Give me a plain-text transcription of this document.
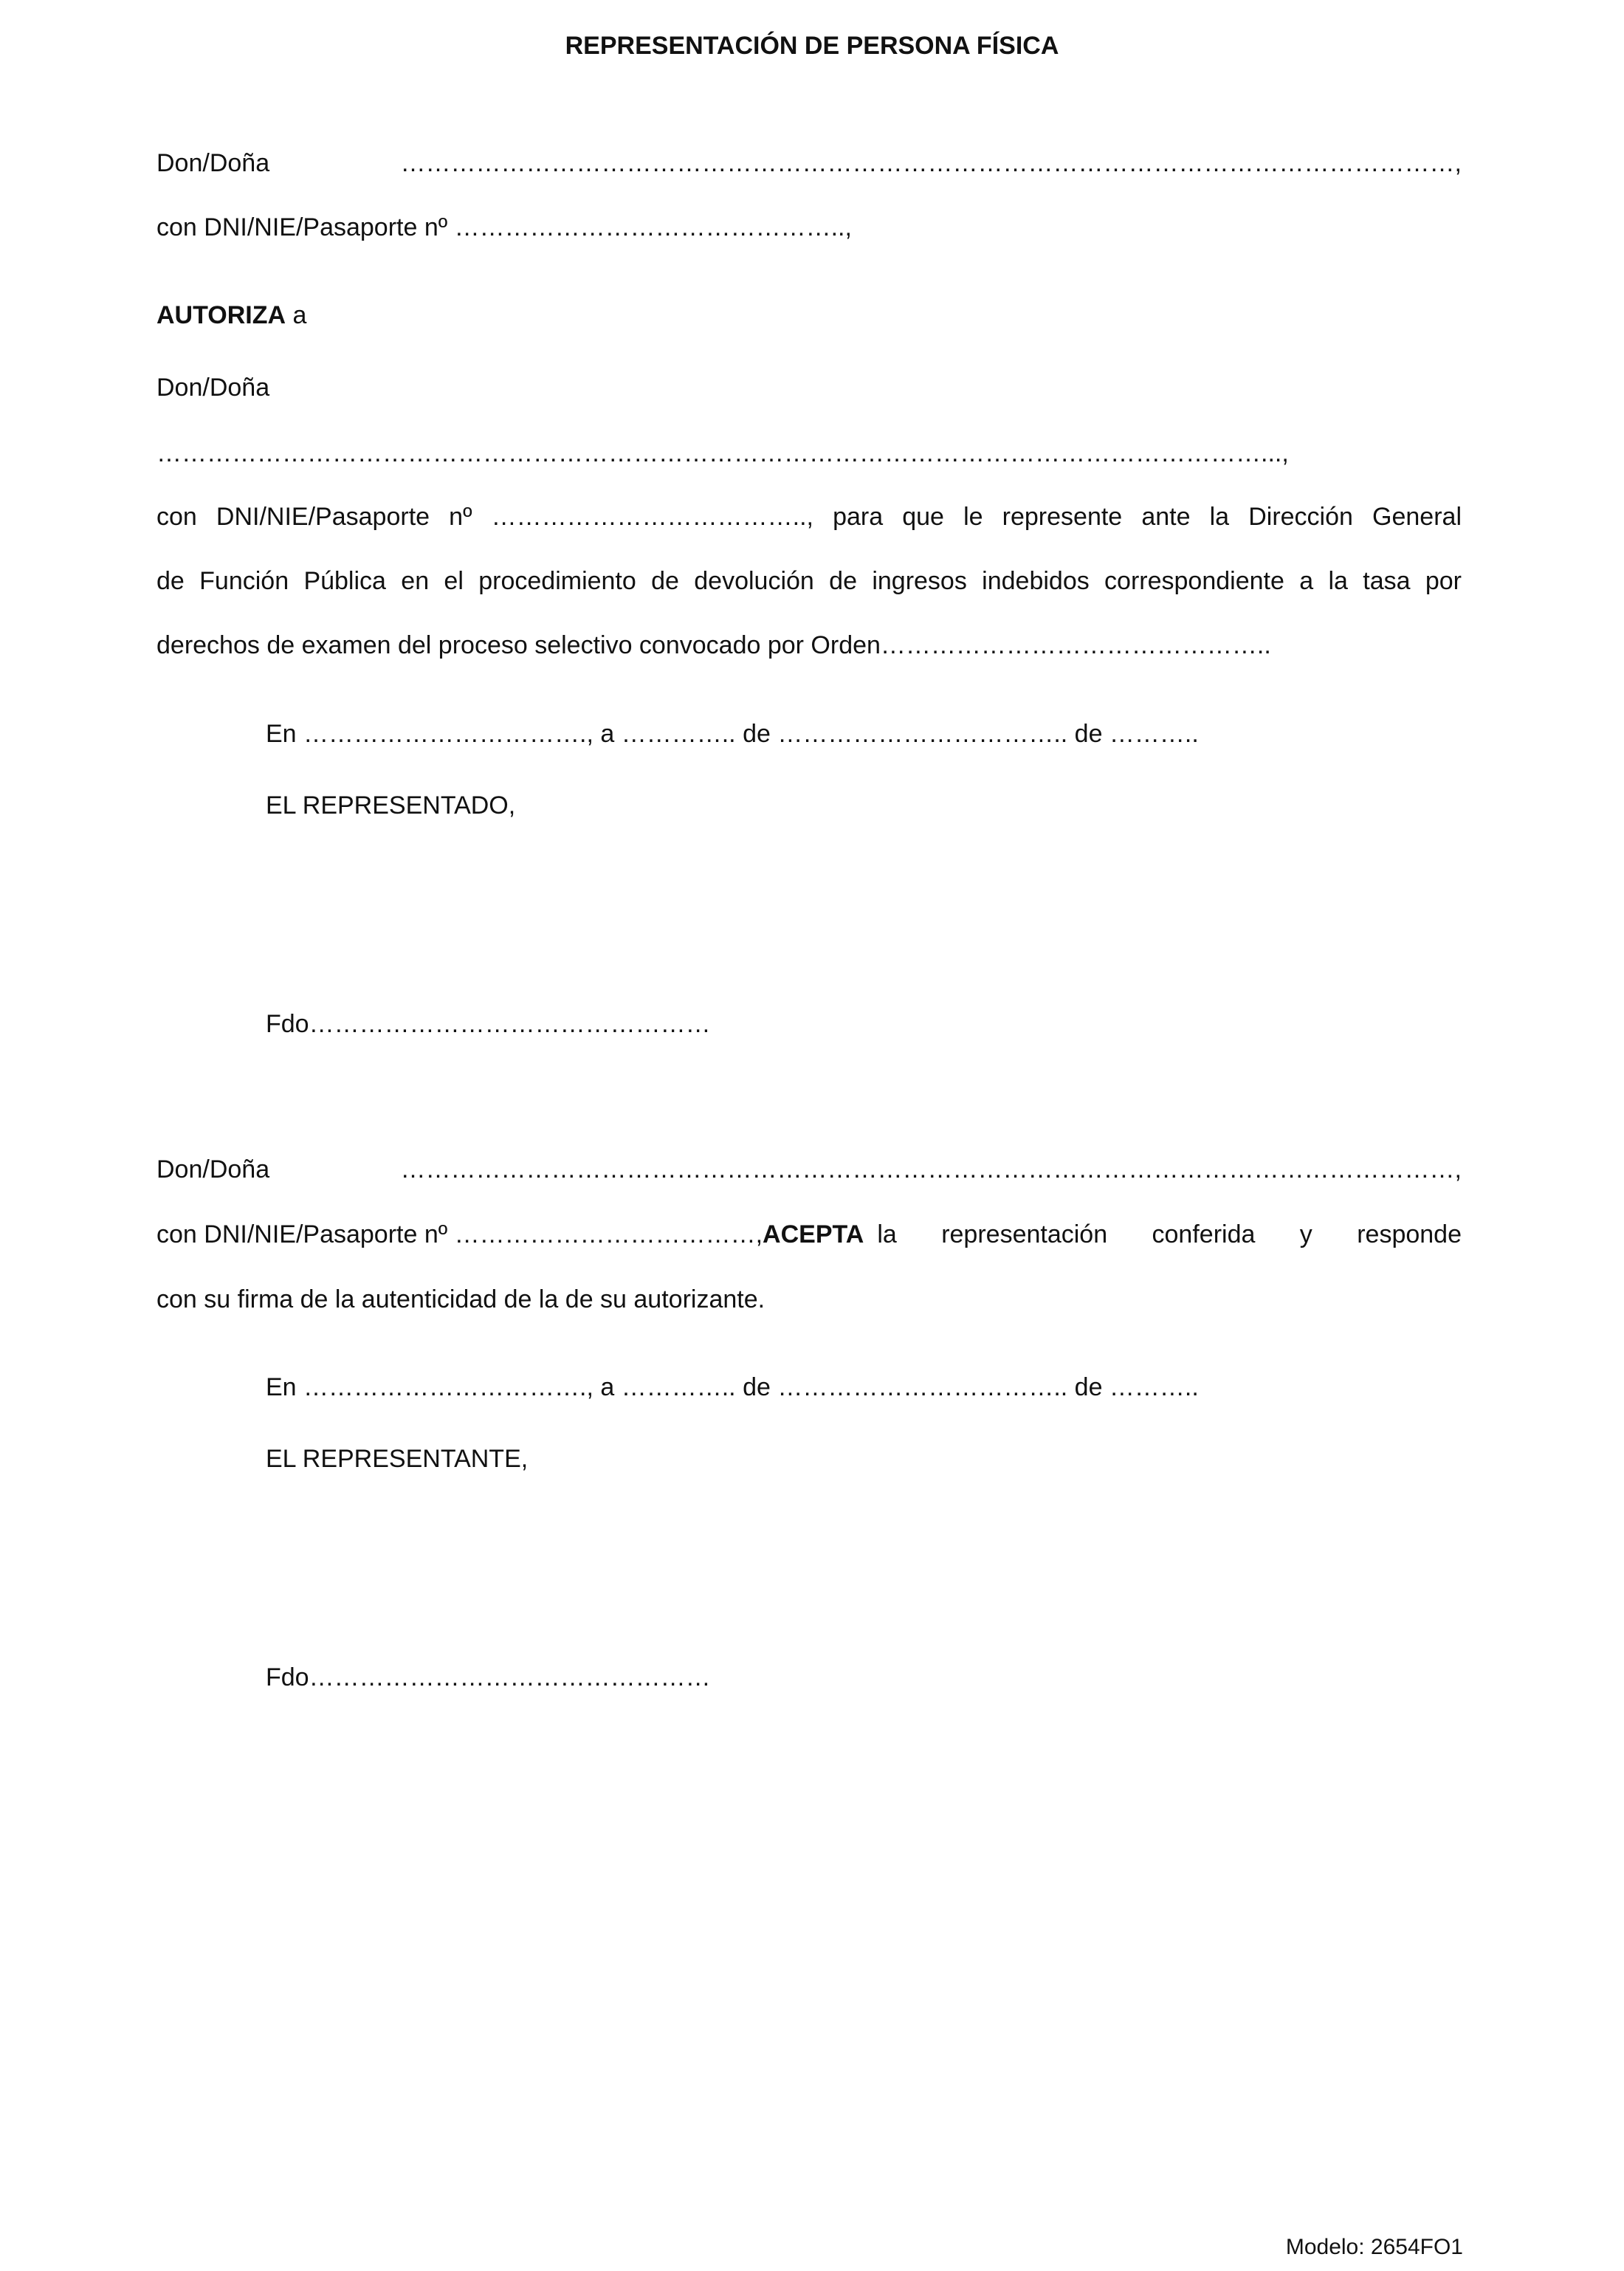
REPRESENTACIÓN DE PERSONA FÍSICA
Don/Doña	………………………………………………………………………………………………………………,
con DNI/NIE/Pasaporte nº ………………………………………..,
AUTORIZA a
Don/Doña
……………………………………………………………………………………………………………………...,
con DNI/NIE/Pasaporte nº ……………………………….., para que le represente ante la Dirección General
de Función Pública en el procedimiento de devolución de ingresos indebidos correspondiente a la tasa por
derechos de examen del proceso selectivo convocado por Orden………………………………………..
En ……………………………., a ………….. de …………………………….. de ………..
EL REPRESENTADO,
Fdo…………………………………………
Don/Doña	………………………………………………………………………………………………………………,
con DNI/NIE/Pasaporte nº ………………………………, ACEPTA la representación conferida y responde
con su firma de la autenticidad de la de su autorizante.
En ……………………………., a ………….. de …………………………….. de ………..
EL REPRESENTANTE,
Fdo…………………………………………
Modelo: 2654FO1
